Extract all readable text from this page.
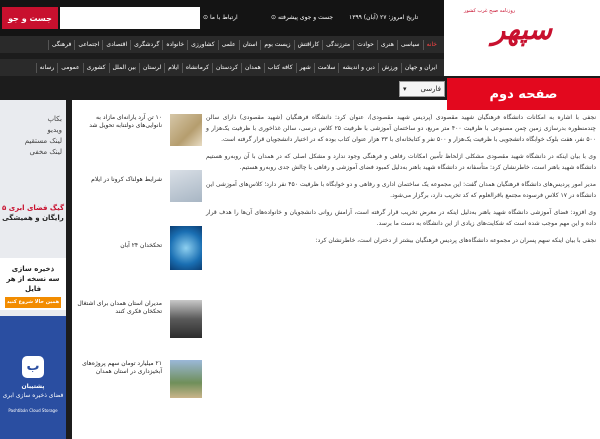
جست و جو	⊙ ارتباط با ما	⊙ جست و جوی پیشرفته	تاریخ امروز: ۲۷ (آبان) ۱۳۹۹
روزنامه صبح غرب کشور
سپهر
خانه
سیاسی
هنری
حوادث
مترزندگی
کاراقتش
زیست بوم
استان
علمی
کشاورزی
خانواده
گردشگری
اقتصادی
اجتماعی
فرهنگی
ایران و جهان
ورزش
دین و اندیشه
سلامت
شهر
کافه کتاب
همدان
کردستان
کرمانشاه
ایلام
لرستان
بین الملل
کشوری
عمومی
رسانه
▾ فارسی	صفحه دوم
بکاپ
ویدیو
لینک مستقیم
لینک مخفی
۵ گیگ فضای ابری
رایگان و همیشگی
ذخیره سازی
سه نسخه از هر فایل
همین حالا شروع کنید
ب
پشتیبان
فضای ذخیره سازی ابری
Pashtibán Cloud Storage
۱۰ تن آرد یارانه‌ای مازاد به نانوایی‌های دولتنابه تحویل شد
شرایط هولناک کرونا در ایلام
تحکخدان ۲۴ آبان
مدیران استان همدان برای اشتغال تحکخان فکری کنند
۲۱ میلیارد تومان سهم پروژه‌های آبخیزداری در استان همدان

نجفی با اشاره به امکانات دانشگاه فرهنگیان شهید مقصودی (پردیس شهید مقصودی)، عنوان کرد: دانشگاه فرهنگیان (شهید مقصودی) دارای سالن چندمنظوره بدرسازی زمین چمن مصنوعی با ظرفیت ۴۰۰ متر مربع، دو ساختمان آموزشی با ظرفیت ۲۵ کلاس درسی، سالن غذاخوری با ظرفیت یک‌هزار و ۵۰۰ نفر، هفت بلوک خوابگاه دانشجویی با ظرفیت یک‌هزار و ۵۰۰ نفر و کتابخانه‌ای با ۳۳ هزار عنوان کتاب بوده که در اختیار دانشجویان قرار گرفته است.

وی با بیان اینکه در دانشگاه شهید مقصودی مشکلی ازلحاظ تأمین امکانات رفاهی و فرهنگی وجود ندارد و مشکل اصلی که در همدان با آن روبه‌رو هستیم دانشگاه شهید باهنر است، خاطرنشان کرد: متأسفانه در دانشگاه شهید باهنر به‌دلیل کمبود فضای آموزشی و رفاهی با چالش جدی روبه‌رو هستیم.

مدیر امور پردیس‌های دانشگاه فرهنگیان همدان گفت: این مجموعه یک ساختمان اداری و رفاهی و دو خوابگاه با ظرفیت ۴۵۰ نفر دارد؛ کلاس‌های آموزشی این دانشگاه در ۱۷ کلاس فرسوده مجتمع باقرالعلوم که کد تخریب دارد، برگزار می‌شود.

وی افزود: فضای آموزشی دانشگاه شهید باهنر به‌دلیل اینکه در معرض تخریب قرار گرفته است، آرامش روانی دانشجویان و خانواده‌های آن‌ها را هدف قرار داده و این مهم موجب شده است که شکایت‌های زیادی از این دانشگاه به دست ما برسد.

نجفی با بیان اینکه سهم پسران در مجموعه دانشگاه‌های پردیس فرهنگیان بیشتر از دختران است، خاطرنشان کرد:
